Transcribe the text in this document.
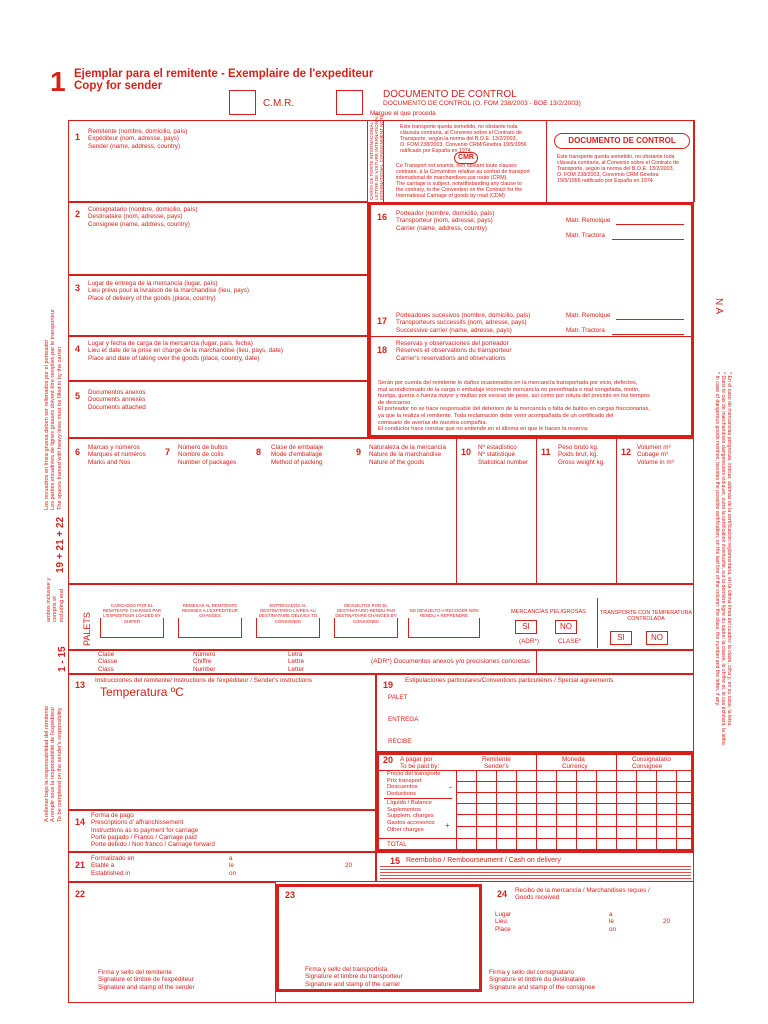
1 Ejemplar para el remitente - Exemplaire de l'expediteur
Copy for sender
C.M.R.
DOCUMENTO DE CONTROL
DOCUMENTO DE CONTROL (O. FOM 238/2003 - BOE 13/2/2003)
Marque el que proceda
1
Remitente (nombre, domicilio, país)
Expéditeur (nom, adresse, pays)
Sender (name, address, country)	CARTA DE PORTE INTERNACIONAL LETTRE DE VOITURE INTERNATIONALE INTERNATIONAL CONSIGNMENT NOTE	Este transporte queda sometido, no obstante toda
cláusula contraria, al Convenio sobre el Contrato de
Transporte, según la norma del B.O.E. 13/2/2003,
O. FOM 238/2003, Convenio CRM/Ginebra 19/5/1956
ratificado por España en 1974.
CMR
Ce Transport est soumis, non obstant toute clauses
contraire, à la Convention relative au contrat de transport
international de marchandises par route (CRM).
The carriage is subject, notwithstanding any clause to
the contrary, to the Convention on the Contract for the
International Carriage of goods by road (CDM)
DOCUMENTO DE CONTROL
Este transporte queda sometido, no obstante toda
cláusula contraria, al Convenio sobre el Contrato de
Transporte, según la norma del B.O.E. 13/2/2003,
O. FOM 238/2003, Convenio CRM Ginebra
19/5/1956 ratificado por España en 1974.
2 Consignatario (nombre, domicilio, país)
Destinataire (nom, adresse, pays)
Consignee (name, address, country)
3 Lugar de entrega de la mercancía (lugar, país)
Lieu prévu pour la livraison de la marchandise (lieu, pays)
Place of delivery of the goods (place, country)
4
Lugar y fecha de carga de la mercancía (lugar, país, fecha)
Lieu et date de la prise en charge de la marchandise (lieu, pays, date)
Place and date of taking over the goods (place, country, date)
5 Documentos anexos
Documents annexés
Documents attached
16 Porteador (nombre, domicilio, país)
Transporteur (nom, adresse, pays)
Carrier (name, address, country)
Matr. Remolque
Matr. Tractora
17
Porteadores sucesivos (nombre, domicilio, país)
Transporteurs successifs (nom, adresse, pays)
Successive carrier (name, adresse, pays)
Matr. Remolque
Matr. Tractora
18
Reservas y observaciones del porteador
Réserves et observations du transporteur
Carrier's reservations and observations
Serán por cuenta del remitente lo daños ocasionados en la mercancía transportada por vicio, defectos,
mal acondicionado de la carga o embalaje incorrecto mercancía no preenfriada o mal congelada, motín,
huelga, guerra o fuerza mayor y multas por exceso de peso, así como por rotura del precinto en los tiempos
de desc​anso.
El porteador no se hace responsable del deterioro de la mercancía o falta de bultos en cargas fraccionarias,
ya que la realiza el remitente. Toda reclamación debe venir acompañada de un certificado del
comisario de averías de nuestra compañía.
El conductor hace constar que no entiende en el idioma en que le hacen la reserva.
6 Marcas y números
Marques et numéros
Marks and Nos
7 Número de bultos
Nombre de colis
Number of packages
8 Clase de embalaje
Mode d'emballage
Method of packing
9 Naturaleza de la mercancía
Nature de la marchandise
Nature of the goods
10 Nº estadístico
Nº statistique
Statistical number
11 Peso bruto kg.
Poids brut, kg.
Gross weight kg.
12 Volumen m³
Cubage m³
Volume in m³
PALETS
CARGADOS POR EL REMITENTE CHARGES PAR L'EXPEDITEUR LOADED BY SHIPER
REMESAS AL REMITENTE REMISES A L'EXPEDITEUR CHANGES
ENTREGADOS AL DESTINATARIO LIVRES AU DESTINATAIRE DELIVES TO CONSIGNEE
DEVUELTOS POR EL DESTINATARIO RENDU PAR DESTINATAIRE CHANGES BY CONSIGNEE
NO DEVUELTO A RECOGER NON RENDU A REPRENDRE
MERCANCÍAS PELIGROSAS
SI	NO
(ADR*)	CLASE*
TRANSPORTE CON TEMPERATURA CONTROLADA
SI	NO
Clase
Classe
Class
Número
Chiffre
Number
Letra
Lettre
Letter
(ADR*) Documentos anexos y/o precisiones concretas
13 Instrucciones del remitente/ Instructions de l'expéditeur / Sender's instructions
Temperatura ºC	19 Estipulaciones particulares/Conventions particulières / Special agreements
PALET
ENTREGA
RECIBE
20 A pagar por
To be paid by:
Remitente
Sender's
Moneda
Currency
Consignatario
Consignee
Precio del transporte
Prix transport
Descuentos
Deductions
-
Líquido / Balance
Suplementos
Supplem. charges
Gastos accesorios
Other charges	+
TOTAL
14
Forma de pago
Prescriptions d' affranchissement
Instructions as to payment for carriage
Porte pagado / Franco / Carriage paid
Porte debido / Non franco / Carriage forward
21
Formalizado en
Etable a
Established in
a
le
on
20	15 Reembolso / Rembourseument / Cash on delivery
22
Firma y sello del remitente
Signature et timbre de l'expéditeur
Signature and stamp of the sender
23
Firma y sello del transportista
Signature et timbre du transporteur
Signature and stamp of the carrier
24 Recibo de la mercancía / Marchandises reçues /
Goods received
Lugar
Lieu
Place
a
le
on
20
Firma y sello del consignatario
Signature et timbre du destinataire
Signature and stamp of the consignee
Los recuadros en línea gruesa deben ser rellenados por el porteador Les parties encadrées de lignes grasses doivent être remplies par le transporteur The spaces framed with heavy lines must be filled in by the carrier
19 + 21 + 22
ambos inclusive y compris et including and
1 - 15
A rellenar bajo la responsabilidad del remitente A remplir sous la responsabilité de l'expéditeur To be completed on the sender's responsibility
N A
* En el caso de mercancías peligrosas, indicar, además de la certificación reglamentaria, en la última línea del cuadro: la clase, cifra y, en su caso, la letra.
* Dans le cas de marchandises dangereuses indiquer, outre la certification éventuelle, sur la dernière ligne du cadre: la classe, le chiffre et, le cas échéant, la lettre.
* In case of dangerous goods mention, besides the possible certification, on the last line of the column: the class, the number and the letter, if any.
